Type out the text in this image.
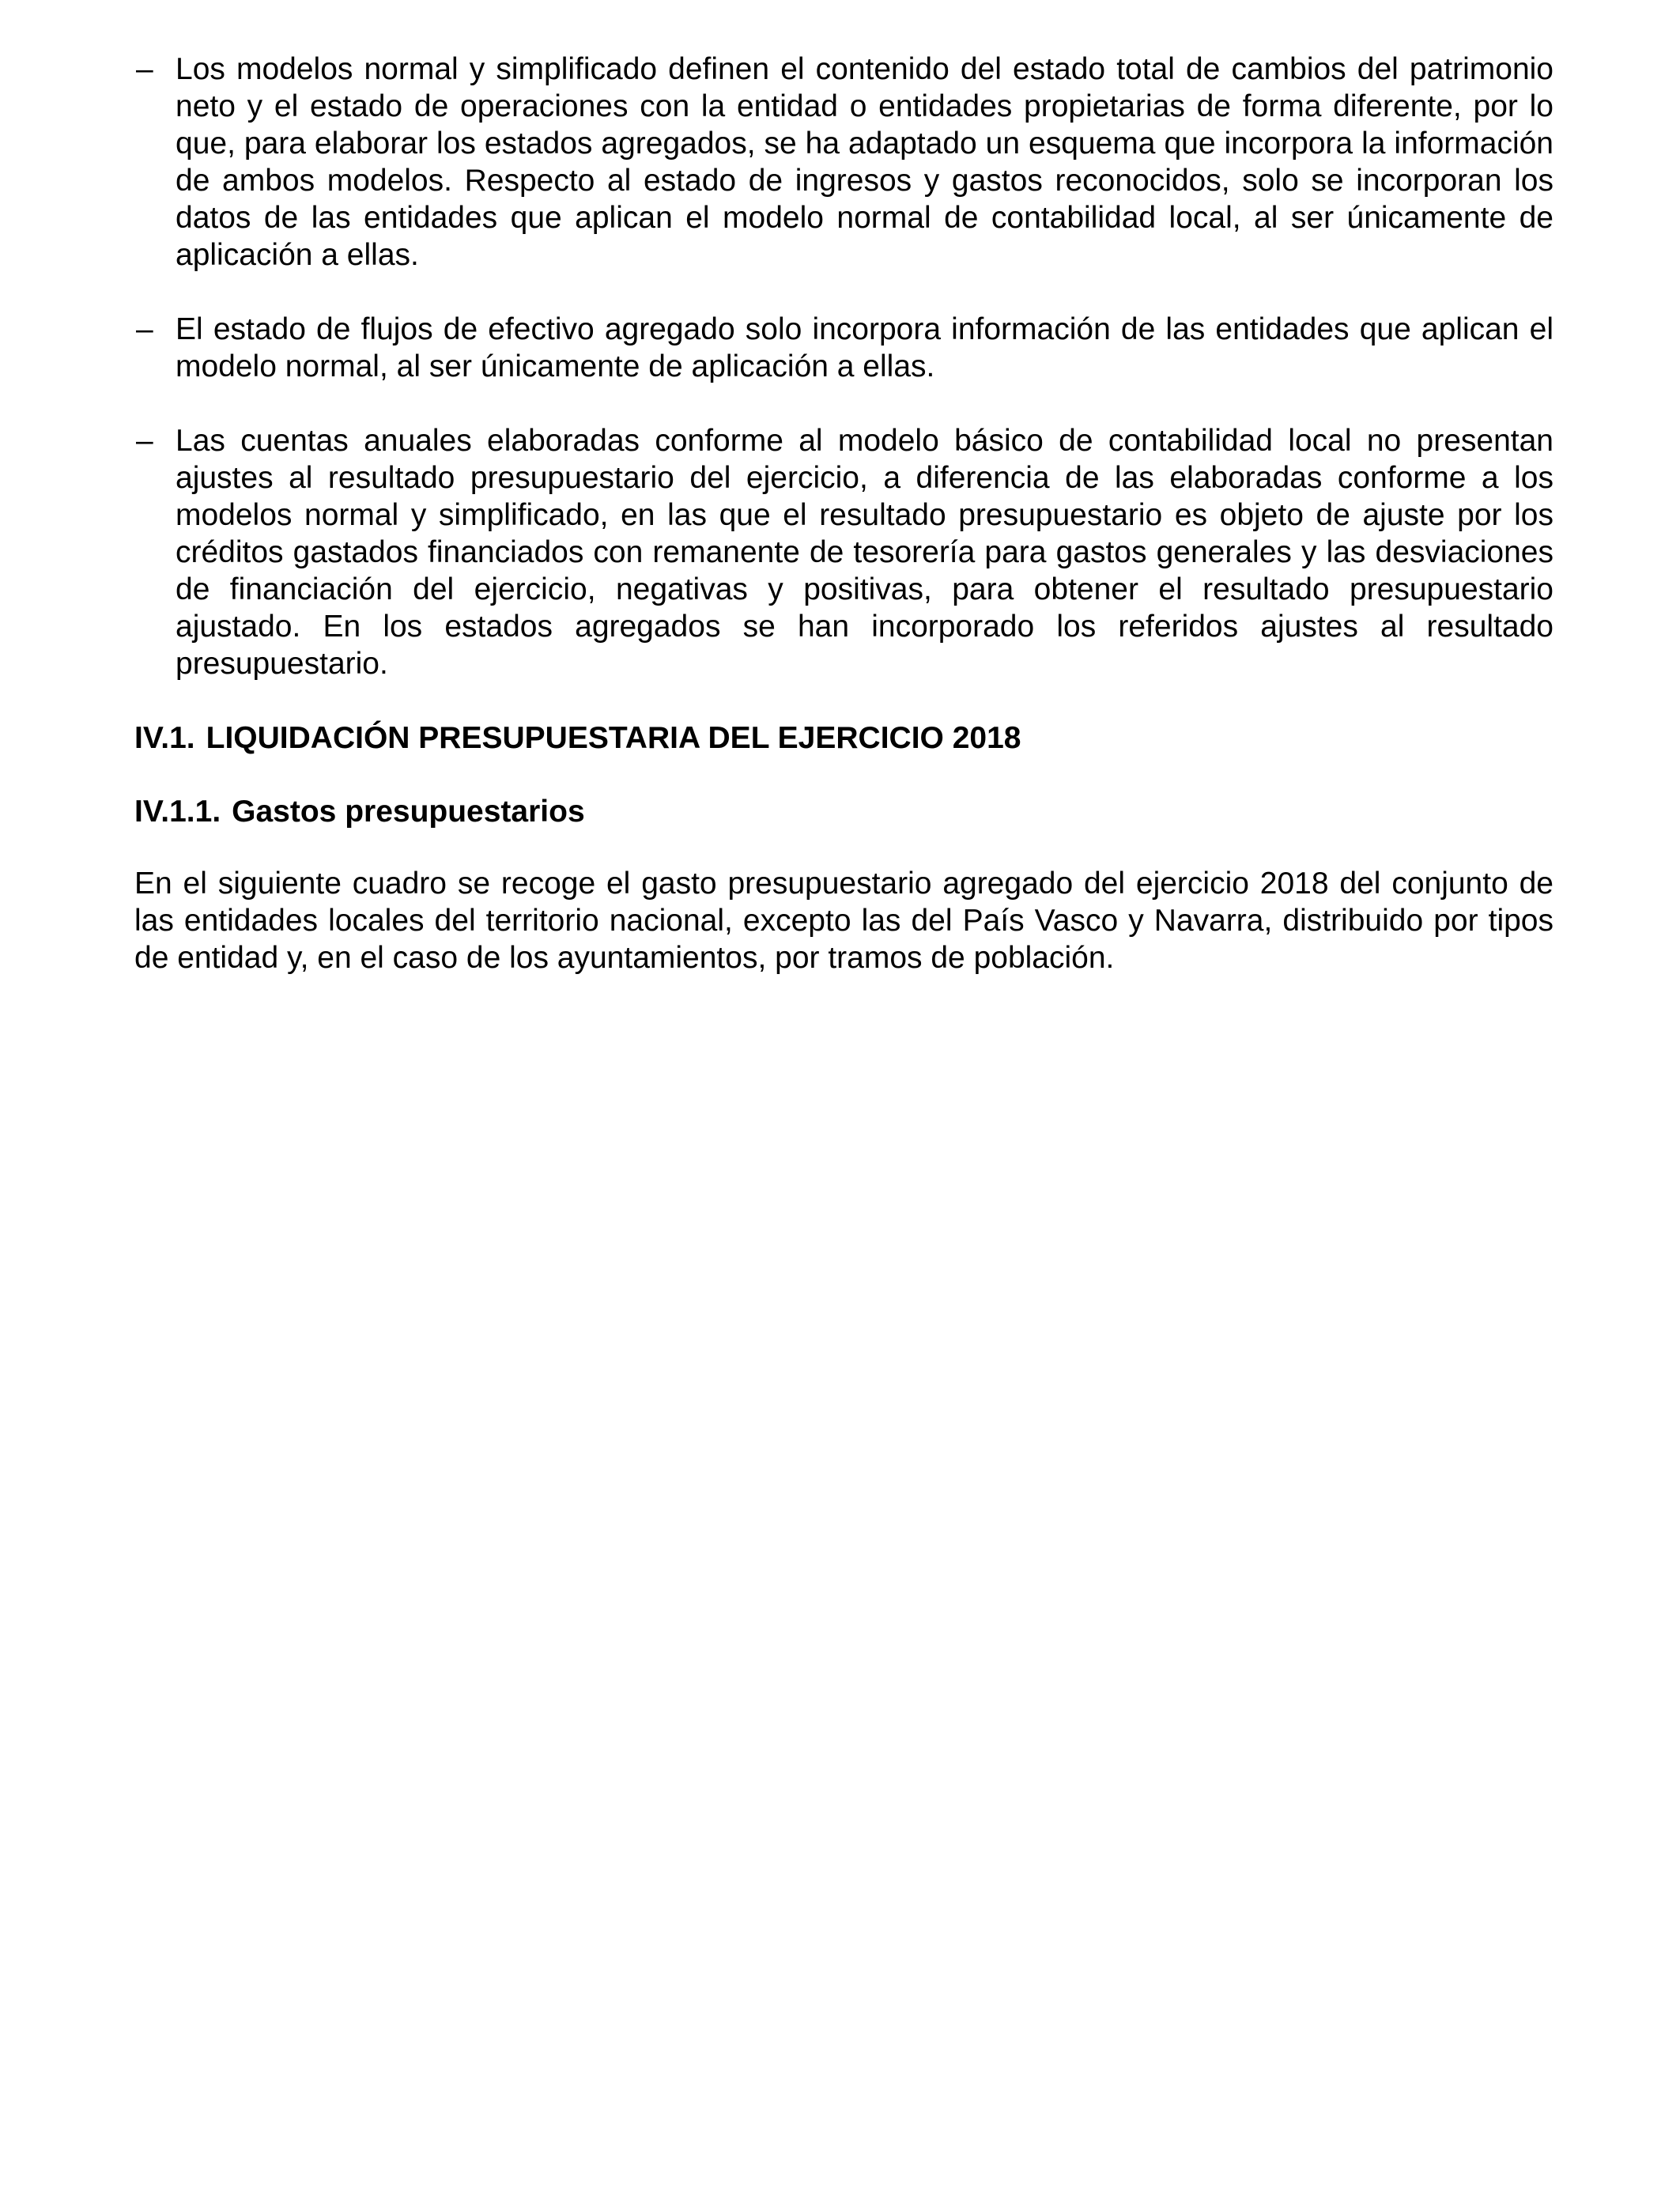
– Los modelos normal y simplificado definen el contenido del estado total de cambios del patrimonio neto y el estado de operaciones con la entidad o entidades propietarias de forma diferente, por lo que, para elaborar los estados agregados, se ha adaptado un esquema que incorpora la información de ambos modelos. Respecto al estado de ingresos y gastos reconocidos, solo se incorporan los datos de las entidades que aplican el modelo normal de contabilidad local, al ser únicamente de aplicación a ellas.
– El estado de flujos de efectivo agregado solo incorpora información de las entidades que aplican el modelo normal, al ser únicamente de aplicación a ellas.
– Las cuentas anuales elaboradas conforme al modelo básico de contabilidad local no presentan ajustes al resultado presupuestario del ejercicio, a diferencia de las elaboradas conforme a los modelos normal y simplificado, en las que el resultado presupuestario es objeto de ajuste por los créditos gastados financiados con remanente de tesorería para gastos generales y las desviaciones de financiación del ejercicio, negativas y positivas, para obtener el resultado presupuestario ajustado. En los estados agregados se han incorporado los referidos ajustes al resultado presupuestario.
IV.1. LIQUIDACIÓN PRESUPUESTARIA DEL EJERCICIO 2018
IV.1.1. Gastos presupuestarios

En el siguiente cuadro se recoge el gasto presupuestario agregado del ejercicio 2018 del conjunto de las entidades locales del territorio nacional, excepto las del País Vasco y Navarra, distribuido por tipos de entidad y, en el caso de los ayuntamientos, por tramos de población.
